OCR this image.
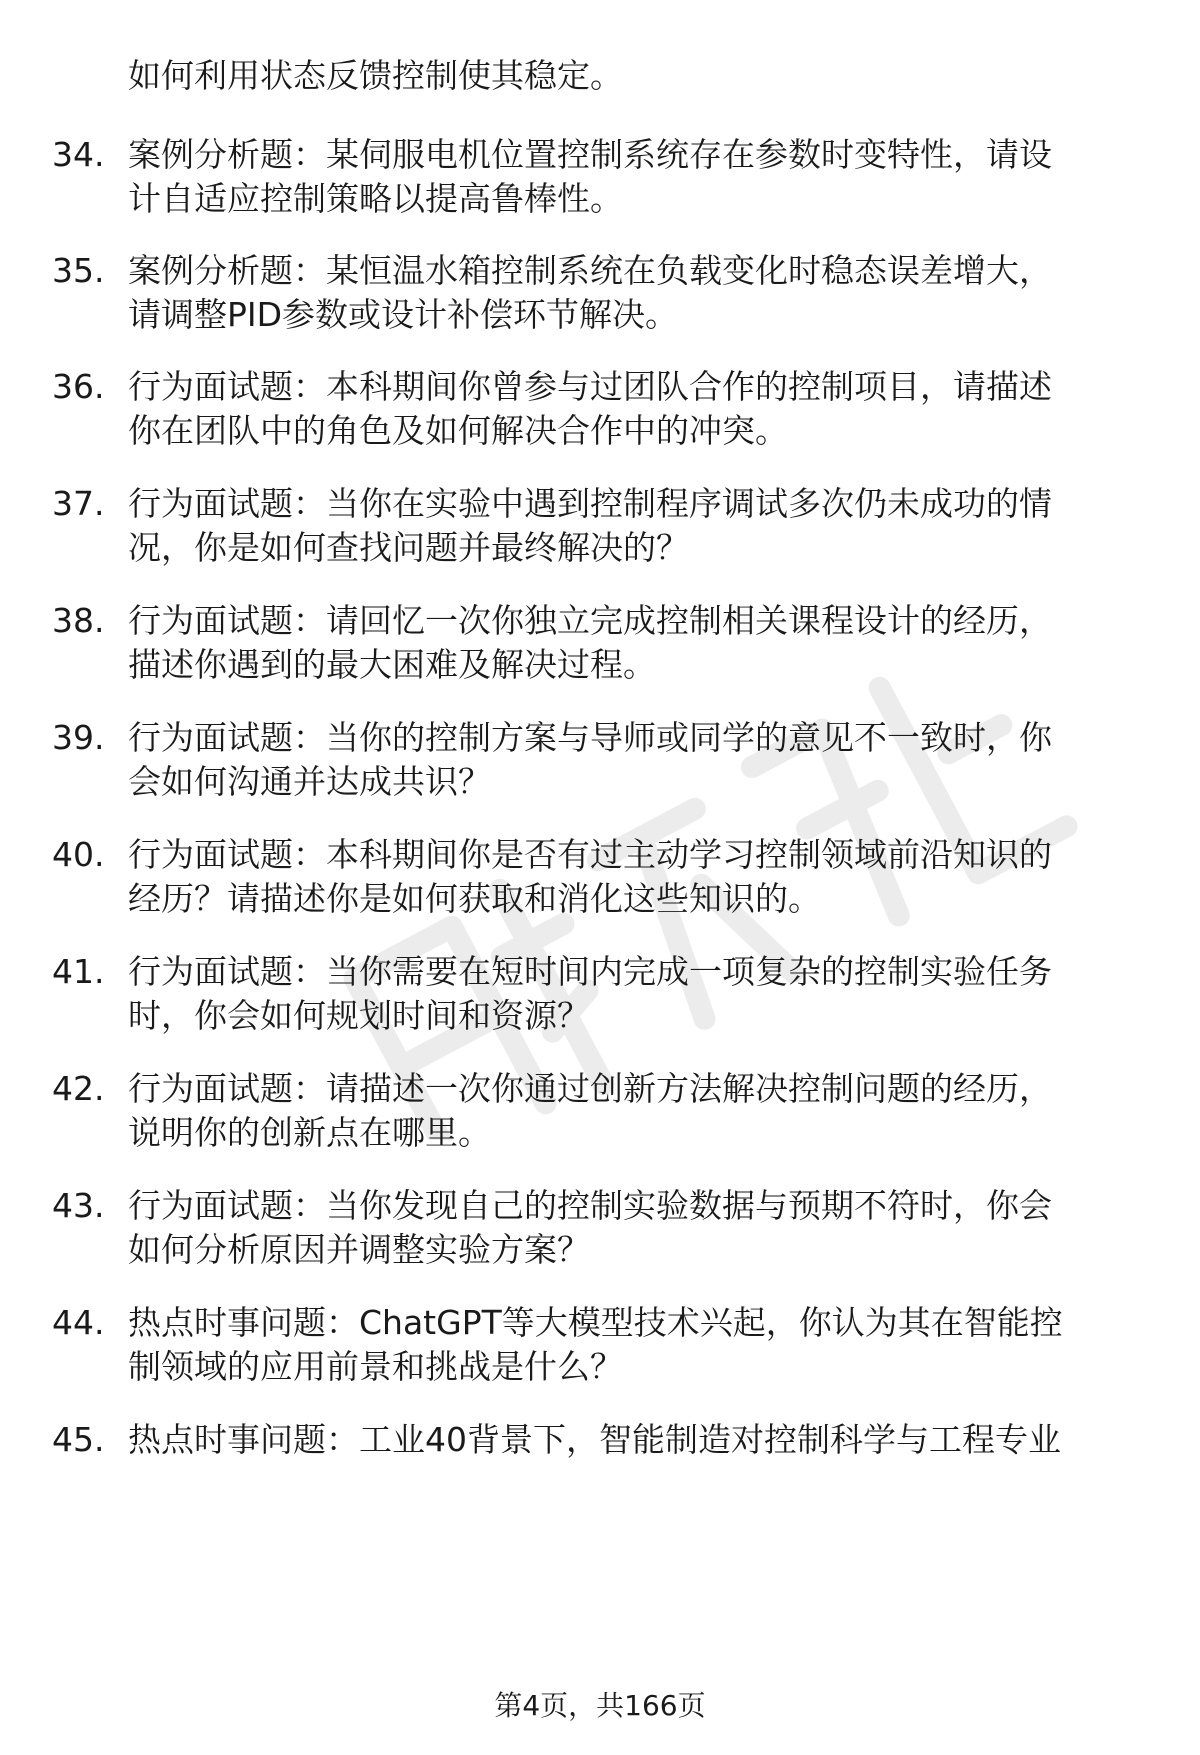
如何利用状态反馈控制使其稳定。
34. 案例分析题：某伺服电机位置控制系统存在参数时变特性，请设
计自适应控制策略以提高鲁棒性。
35. 案例分析题：某恒温水箱控制系统在负载变化时稳态误差增大，
请调整PID参数或设计补偿环节解决。
36. 行为面试题：本科期间你曾参与过团队合作的控制项目，请描述
你在团队中的角色及如何解决合作中的冲突。
37. 行为面试题：当你在实验中遇到控制程序调试多次仍未成功的情
况，你是如何查找问题并最终解决的？
38. 行为面试题：请回忆一次你独立完成控制相关课程设计的经历，
描述你遇到的最大困难及解决过程。
39. 行为面试题：当你的控制方案与导师或同学的意见不一致时，你
会如何沟通并达成共识？
40. 行为面试题：本科期间你是否有过主动学习控制领域前沿知识的
经历？请描述你是如何获取和消化这些知识的。
41. 行为面试题：当你需要在短时间内完成一项复杂的控制实验任务
时，你会如何规划时间和资源？
42. 行为面试题：请描述一次你通过创新方法解决控制问题的经历，
说明你的创新点在哪里。
43. 行为面试题：当你发现自己的控制实验数据与预期不符时，你会
如何分析原因并调整实验方案？
44. 热点时事问题：ChatGPT等大模型技术兴起，你认为其在智能控
制领域的应用前景和挑战是什么？
45. 热点时事问题：工业40背景下，智能制造对控制科学与工程专业
第4页，共166页
